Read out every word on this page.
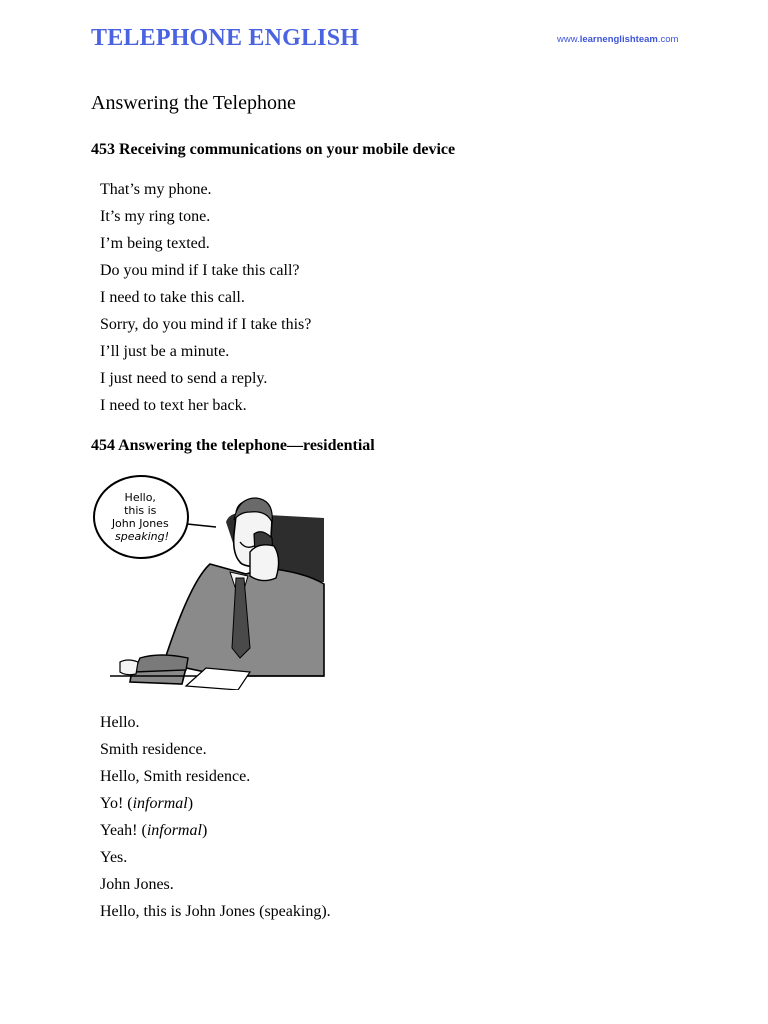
TELEPHONE ENGLISH	www.learnenglishteam.com
Answering the Telephone
453 Receiving communications on your mobile device
That’s my phone.
It’s my ring tone.
I’m being texted.
Do you mind if I take this call?
I need to take this call.
Sorry, do you mind if I take this?
I’ll just be a minute.
I just need to send a reply.
I need to text her back.
454 Answering the telephone—residential
Hello, this is John Jones speaking!
Hello.
Smith residence.
Hello, Smith residence.
Yo! (informal)
Yeah! (informal)
Yes.
John Jones.
Hello, this is John Jones (speaking).
